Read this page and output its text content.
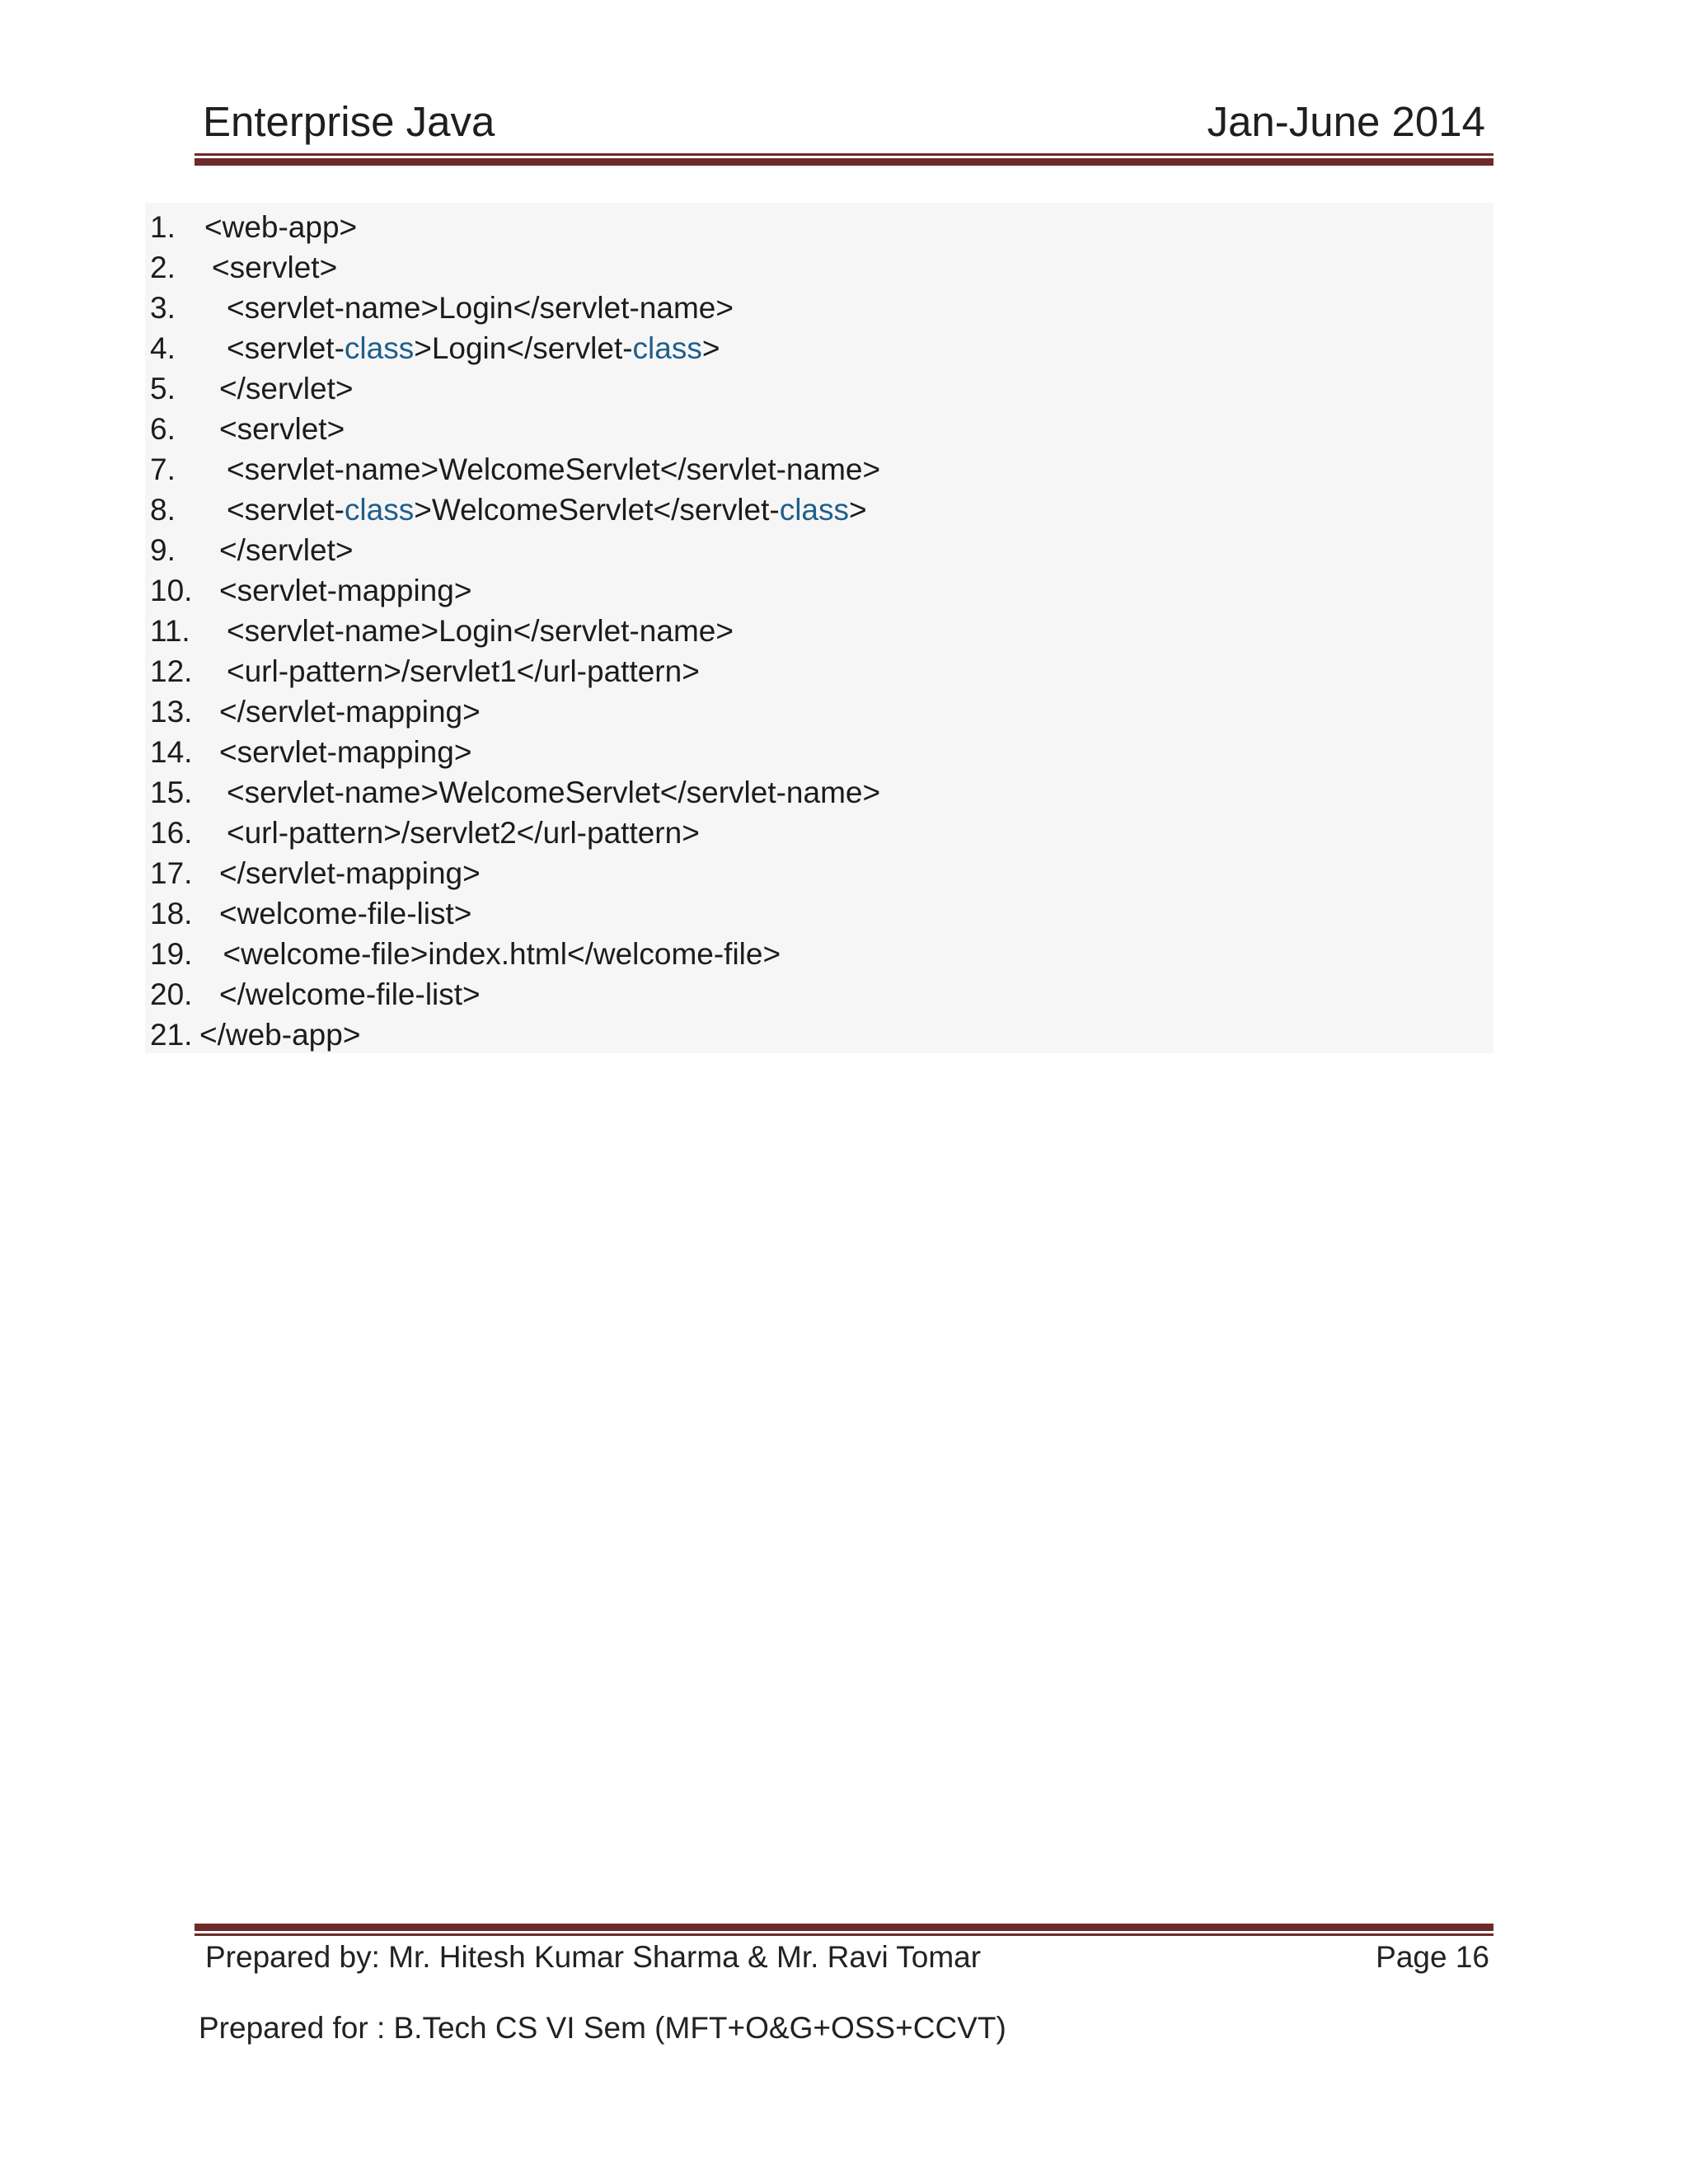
Enterprise Java	Jan-June 2014
1. <web-app>
2. <servlet>
3. <servlet-name>Login</servlet-name>
4. <servlet-class>Login</servlet-class>
5. </servlet>
6. <servlet>
7. <servlet-name>WelcomeServlet</servlet-name>
8. <servlet-class>WelcomeServlet</servlet-class>
9. </servlet>
10. <servlet-mapping>
11. <servlet-name>Login</servlet-name>
12. <url-pattern>/servlet1</url-pattern>
13. </servlet-mapping>
14. <servlet-mapping>
15. <servlet-name>WelcomeServlet</servlet-name>
16. <url-pattern>/servlet2</url-pattern>
17. </servlet-mapping>
18. <welcome-file-list>
19. <welcome-file>index.html</welcome-file>
20. </welcome-file-list>
21. </web-app>
Prepared by: Mr. Hitesh Kumar Sharma & Mr. Ravi Tomar	Page 16
Prepared for : B.Tech CS VI Sem (MFT+O&G+OSS+CCVT)
